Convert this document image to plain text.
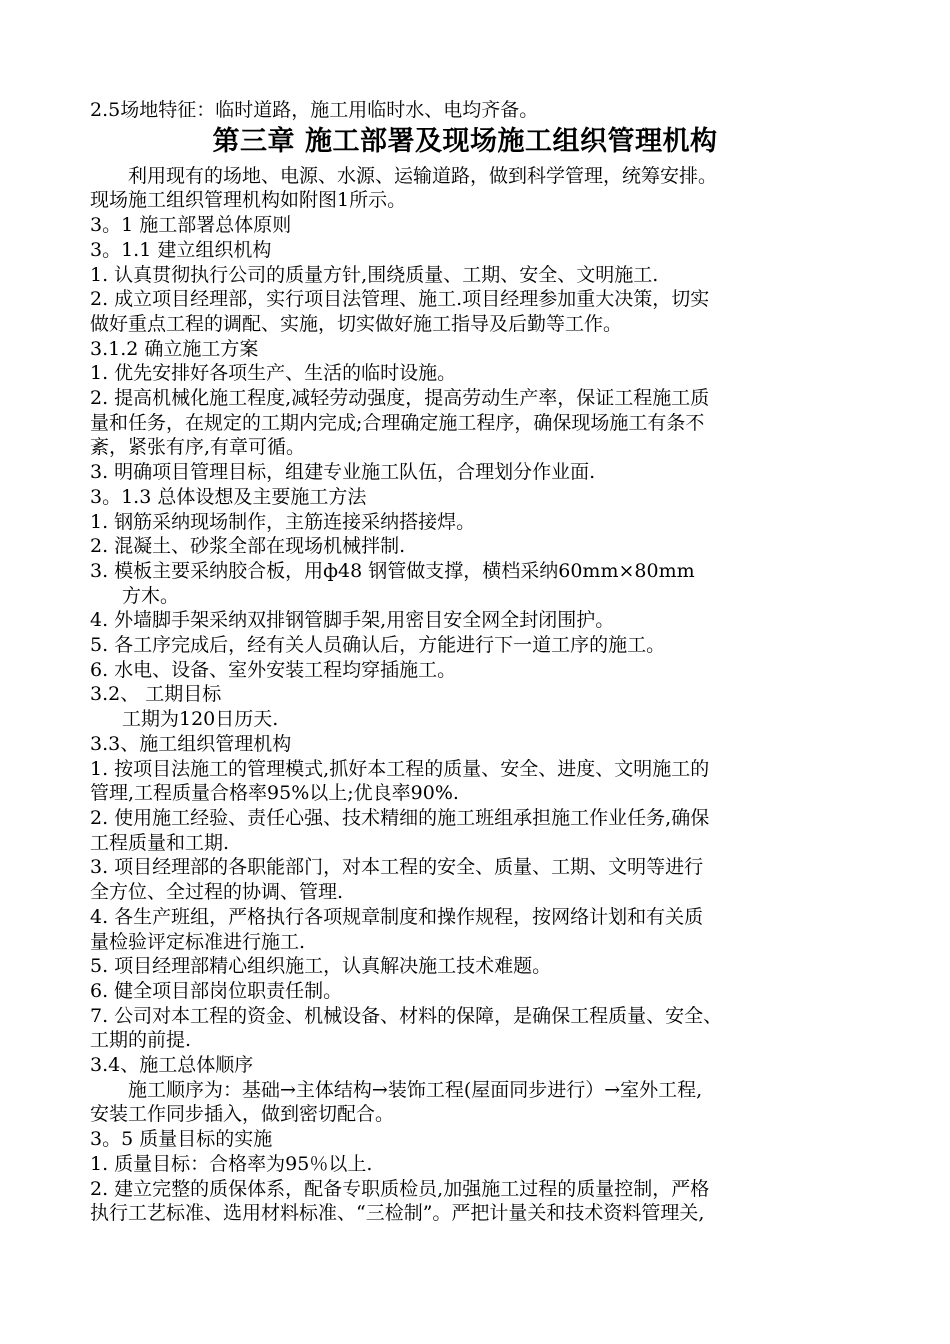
2.5场地特征：临时道路，施工用临时水、电均齐备。

第三章 施工部署及现场施工组织管理机构

利用现有的场地、电源、水源、运输道路，做到科学管理，统筹安排。

现场施工组织管理机构如附图1所示。

3。1 施工部署总体原则

3。1.1 建立组织机构

1. 认真贯彻执行公司的质量方针,围绕质量、工期、安全、文明施工.

2. 成立项目经理部，实行项目法管理、施工.项目经理参加重大决策，切实

做好重点工程的调配、实施，切实做好施工指导及后勤等工作。

3.1.2 确立施工方案

1. 优先安排好各项生产、生活的临时设施。

2. 提高机械化施工程度,减轻劳动强度，提高劳动生产率，保证工程施工质

量和任务，在规定的工期内完成;合理确定施工程序，确保现场施工有条不

紊，紧张有序,有章可循。

3. 明确项目管理目标，组建专业施工队伍，合理划分作业面.

3。1.3 总体设想及主要施工方法

1. 钢筋采纳现场制作，主筋连接采纳搭接焊。

2. 混凝土、砂浆全部在现场机械拌制.

3. 模板主要采纳胶合板，用ф48 钢管做支撑，横档采纳60mm×80mm

方木。

4. 外墙脚手架采纳双排钢管脚手架,用密目安全网全封闭围护。

5. 各工序完成后，经有关人员确认后，方能进行下一道工序的施工。

6. 水电、设备、室外安装工程均穿插施工。

3.2、 工期目标

工期为120日历天.

3.3、施工组织管理机构

1. 按项目法施工的管理模式,抓好本工程的质量、安全、进度、文明施工的

管理,工程质量合格率95%以上;优良率90%.

2. 使用施工经验、责任心强、技术精细的施工班组承担施工作业任务,确保

工程质量和工期.

3. 项目经理部的各职能部门，对本工程的安全、质量、工期、文明等进行

全方位、全过程的协调、管理.

4. 各生产班组，严格执行各项规章制度和操作规程，按网络计划和有关质

量检验评定标准进行施工.

5. 项目经理部精心组织施工，认真解决施工技术难题。

6. 健全项目部岗位职责任制。

7. 公司对本工程的资金、机械设备、材料的保障，是确保工程质量、安全、

工期的前提.

3.4、施工总体顺序

施工顺序为：基础→主体结构→装饰工程(屋面同步进行）→室外工程,

安装工作同步插入，做到密切配合。

3。5 质量目标的实施

1. 质量目标：合格率为95％以上.

2. 建立完整的质保体系，配备专职质检员,加强施工过程的质量控制，严格

执行工艺标准、选用材料标准、“三检制”。严把计量关和技术资料管理关,
